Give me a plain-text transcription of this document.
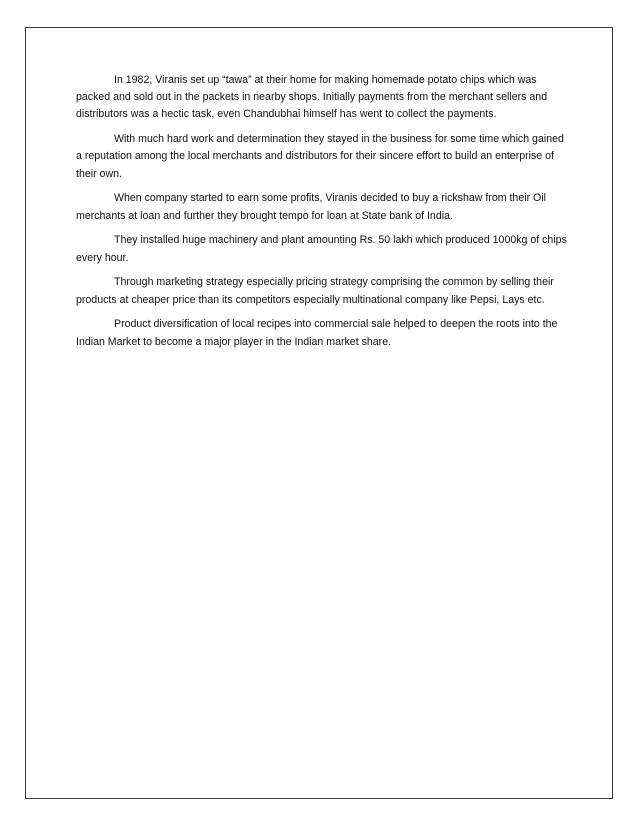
In 1982, Viranis set up “tawa” at their home for making homemade potato chips which was packed and sold out in the packets in nearby shops. Initially payments from the merchant sellers and distributors was a hectic task, even Chandubhai himself has went to collect the payments.

With much hard work and determination they stayed in the business for some time which gained a reputation among the local merchants and distributors for their sincere effort to build an enterprise of their own.

When company started to earn some profits, Viranis decided to buy a rickshaw from their Oil merchants at loan and further they brought tempo for loan at State bank of India.

They installed huge machinery and plant amounting Rs. 50 lakh which produced 1000kg of chips every hour.

Through marketing strategy especially pricing strategy comprising the common by selling their products at cheaper price than its competitors especially multinational company like Pepsi, Lays etc.

Product diversification of local recipes into commercial sale helped to deepen the roots into the Indian Market to become a major player in the Indian market share.
